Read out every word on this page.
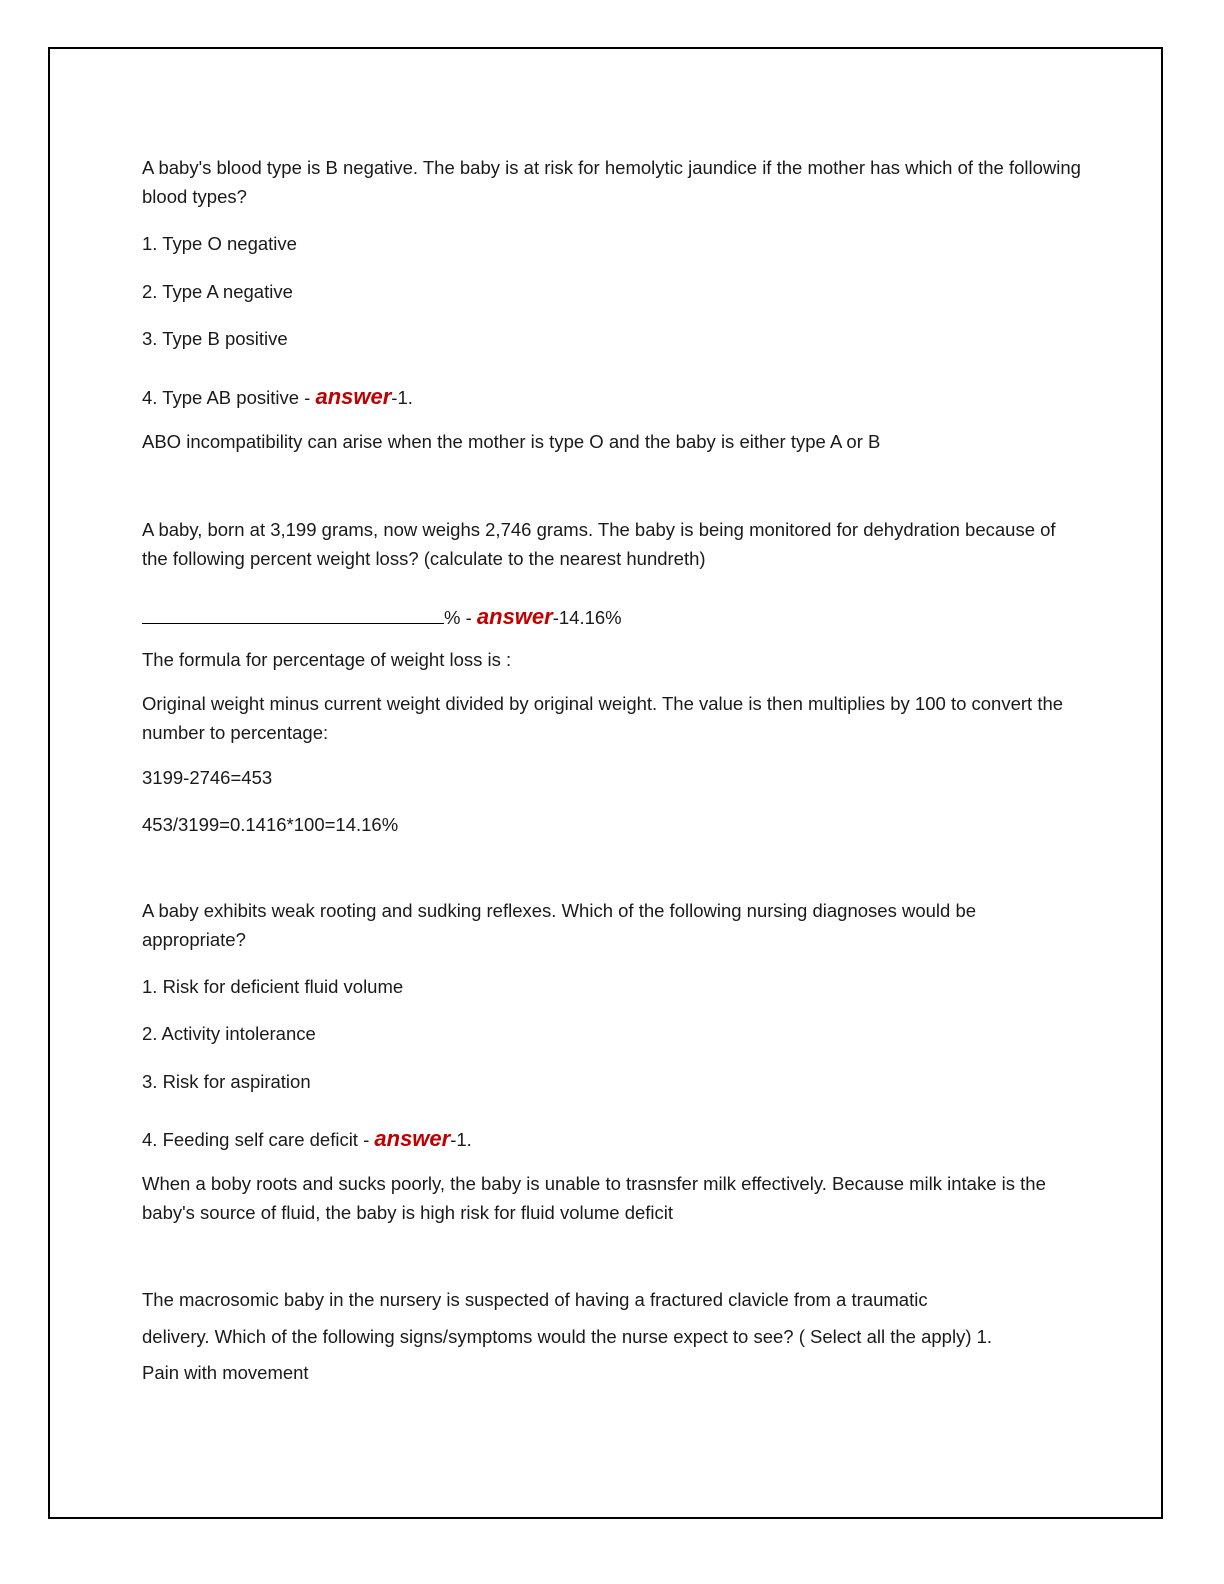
A baby's blood type is B negative. The baby is at risk for hemolytic jaundice if the mother has which of the following blood types?

1. Type O negative

2. Type A negative

3. Type B positive

4. Type AB positive - answer-1.

ABO incompatibility can arise when the mother is type O and the baby is either type A or B

A baby, born at 3,199 grams, now weighs 2,746 grams. The baby is being monitored for dehydration because of the following percent weight loss? (calculate to the nearest hundreth)

% - answer-14.16%

The formula for percentage of weight loss is :

Original weight minus current weight divided by original weight. The value is then multiplies by 100 to convert the number to percentage:

3199-2746=453

453/3199=0.1416*100=14.16%

A baby exhibits weak rooting and sudking reflexes. Which of the following nursing diagnoses would be appropriate?

1. Risk for deficient fluid volume

2. Activity intolerance

3. Risk for aspiration

4. Feeding self care deficit - answer-1.

When a boby roots and sucks poorly, the baby is unable to trasnsfer milk effectively. Because milk intake is the baby's source of fluid, the baby is high risk for fluid volume deficit

The macrosomic baby in the nursery is suspected of having a fractured clavicle from a traumatic

delivery. Which of the following signs/symptoms would the nurse expect to see? ( Select all the apply) 1.

Pain with movement
